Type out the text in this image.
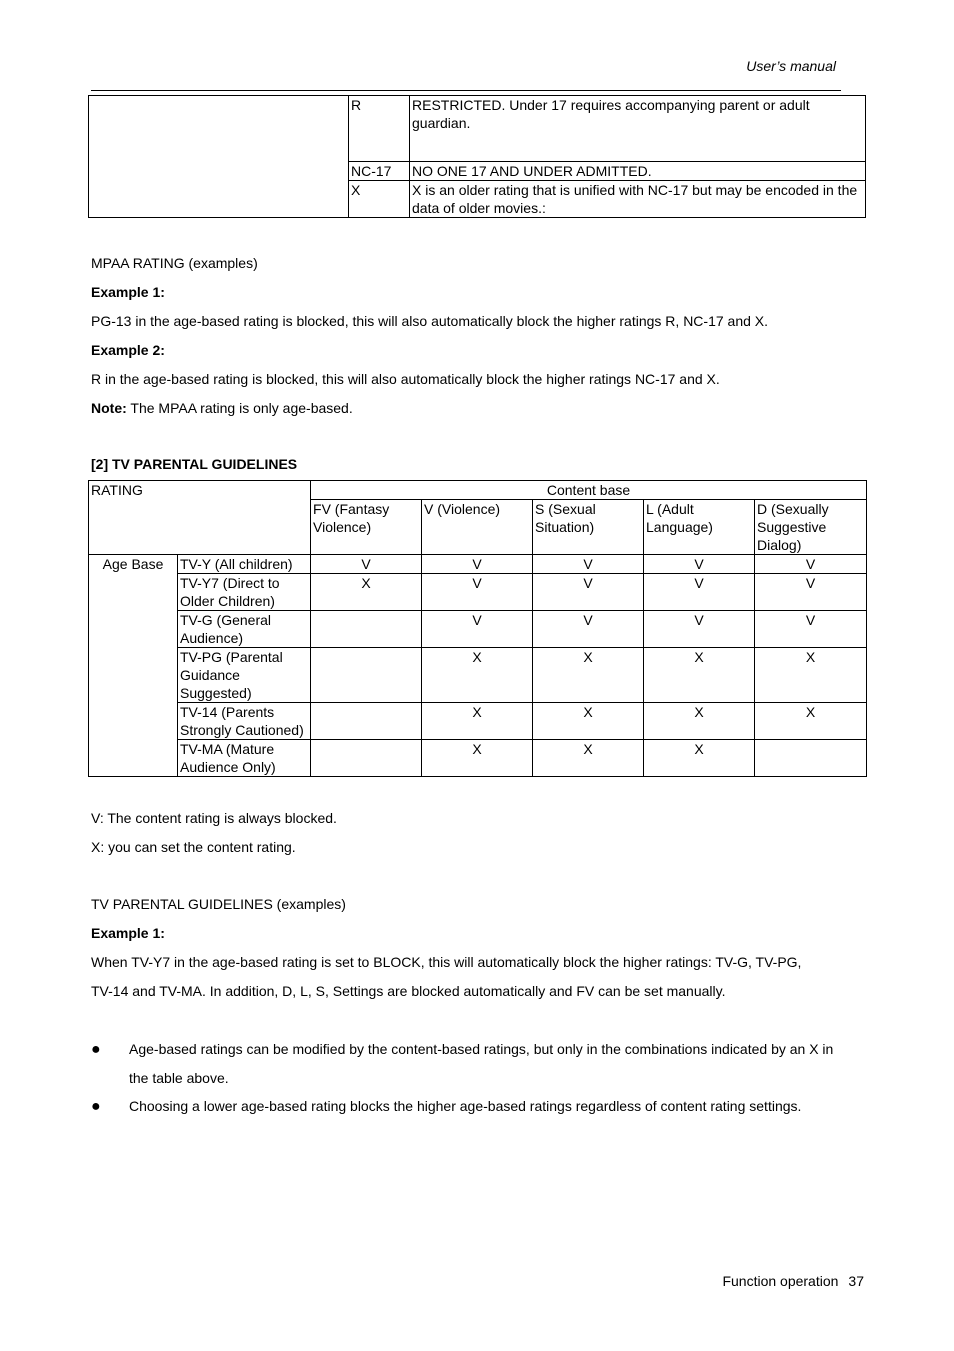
User’s manual
	R	RESTRICTED. Under 17 requires accompanying parent or adult guardian.
	NC-17	NO ONE 17 AND UNDER ADMITTED.
	X	X is an older rating that is unified with NC-17 but may be encoded in the data of older movies.:
MPAA RATING (examples)
Example 1:
PG-13 in the age-based rating is blocked, this will also automatically block the higher ratings R, NC-17 and X.
Example 2:
R in the age-based rating is blocked, this will also automatically block the higher ratings NC-17 and X.
Note: The MPAA rating is only age-based.
[2] TV PARENTAL GUIDELINES
RATING		Content base				
		FV (Fantasy Violence)	V (Violence)	S (Sexual Situation)	L (Adult Language)	D (Sexually Suggestive Dialog)
Age Base	TV-Y (All children)	V	V	V	V	V
	TV-Y7 (Direct to Older Children)	X	V	V	V	V
	TV-G (General Audience)		V	V	V	V
	TV-PG (Parental Guidance Suggested)		X	X	X	X
	TV-14 (Parents Strongly Cautioned)		X	X	X	X
	TV-MA (Mature Audience Only)		X	X	X	
V: The content rating is always blocked.
X: you can set the content rating.
TV PARENTAL GUIDELINES (examples)
Example 1:
When TV-Y7 in the age-based rating is set to BLOCK, this will automatically block the higher ratings: TV-G, TV-PG,
TV-14 and TV-MA. In addition, D, L, S, Settings are blocked automatically and FV can be set manually.
● Age-based ratings can be modified by the content-based ratings, but only in the combinations indicated by an X in the table above.
● Choosing a lower age-based rating blocks the higher age-based ratings regardless of content rating settings.
Function operation 37
